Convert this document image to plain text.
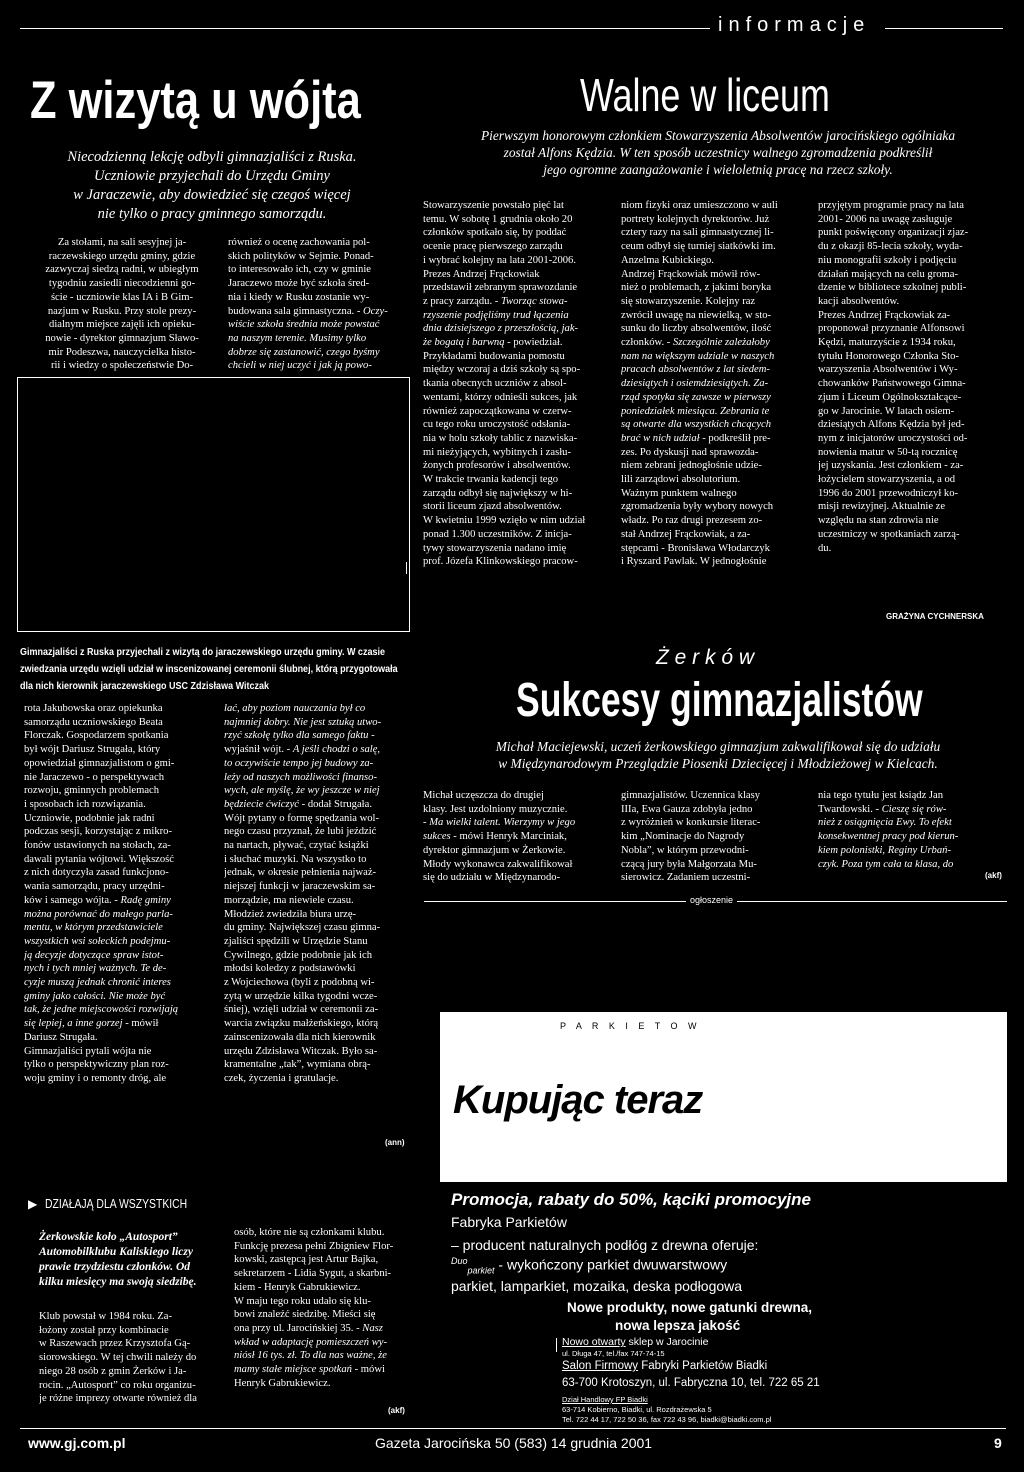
informacje
Z wizytą u wójta
Niecodzienną lekcję odbyli gimnazjaliści z Ruska.
Uczniowie przyjechali do Urzędu Gminy
w Jaraczewie, aby dowiedzieć się czegoś więcej
nie tylko o pracy gminnego samorządu.
Za stołami, na sali sesyjnej ja-
raczewskiego urzędu gminy, gdzie
zazwyczaj siedzą radni, w ubiegłym
tygodniu zasiedli niecodzienni go-
ście - uczniowie klas IA i B Gim-
nazjum w Rusku. Przy stole prezy-
dialnym miejsce zajęli ich opieku-
nowie - dyrektor gimnazjum Sławo-
mir Podeszwa, nauczycielka histo-
rii i wiedzy o społeczeństwie Do-
również o ocenę zachowania pol-
skich polityków w Sejmie. Ponad-
to interesowało ich, czy w gminie
Jaraczewo może być szkoła śred-
nia i kiedy w Rusku zostanie wy-
budowana sala gimnastyczna. - Oczy-
wiście szkoła średnia może powstać
na naszym terenie. Musimy tylko
dobrze się zastanowić, czego byśmy
chcieli w niej uczyć i jak ją powo-
Gimnazjaliści z Ruska przyjechali z wizytą do jaraczewskiego urzędu gminy. W czasie
zwiedzania urzędu wzięli udział w inscenizowanej ceremonii ślubnej, którą przygotowała
dla nich kierownik jaraczewskiego USC Zdzisława Witczak
rota Jakubowska oraz opiekunka
samorządu uczniowskiego Beata
Florczak. Gospodarzem spotkania
był wójt Dariusz Strugała, który
opowiedział gimnazjalistom o gmi-
nie Jaraczewo - o perspektywach
rozwoju, gminnych problemach
i sposobach ich rozwiązania.
Uczniowie, podobnie jak radni
podczas sesji, korzystając z mikro-
fonów ustawionych na stołach, za-
dawali pytania wójtowi. Większość
z nich dotyczyła zasad funkcjono-
wania samorządu, pracy urzędni-
ków i samego wójta. - Radę gminy
można porównać do małego parla-
mentu, w którym przedstawiciele
wszystkich wsi sołeckich podejmu-
ją decyzje dotyczące spraw istot-
nych i tych mniej ważnych. Te de-
cyzje muszą jednak chronić interes
gminy jako całości. Nie może być
tak, że jedne miejscowości rozwijają
się lepiej, a inne gorzej - mówił
Dariusz Strugała.
Gimnazjaliści pytali wójta nie
tylko o perspektywiczny plan roz-
woju gminy i o remonty dróg, ale
lać, aby poziom nauczania był co
najmniej dobry. Nie jest sztuką utwo-
rzyć szkołę tylko dla samego faktu -
wyjaśnił wójt. - A jeśli chodzi o salę,
to oczywiście tempo jej budowy za-
leży od naszych możliwości finanso-
wych, ale myślę, że wy jeszcze w niej
będziecie ćwiczyć - dodał Strugała.
Wójt pytany o formę spędzania wol-
nego czasu przyznał, że lubi jeździć
na nartach, pływać, czytać książki
i słuchać muzyki. Na wszystko to
jednak, w okresie pełnienia najważ-
niejszej funkcji w jaraczewskim sa-
morządzie, ma niewiele czasu.
Młodzież zwiedziła biura urzę-
du gminy. Największej czasu gimna-
zjaliści spędzili w Urzędzie Stanu
Cywilnego, gdzie podobnie jak ich
młodsi koledzy z podstawówki
z Wojciechowa (byli z podobną wi-
zytą w urzędzie kilka tygodni wcze-
śniej), wzięli udział w ceremonii za-
warcia związku małżeńskiego, którą
zainscenizowała dla nich kierownik
urzędu Zdzisława Witczak. Było sa-
kramentalne „tak”, wymiana obrą-
czek, życzenia i gratulacje.
(ann)
Walne w liceum
Pierwszym honorowym członkiem Stowarzyszenia Absolwentów jarocińskiego ogólniaka
został Alfons Kędzia. W ten sposób uczestnicy walnego zgromadzenia podkreślił
jego ogromne zaangażowanie i wieloletnią pracę na rzecz szkoły.
Stowarzyszenie powstało pięć lat
temu. W sobotę 1 grudnia około 20
członków spotkało się, by poddać
ocenie pracę pierwszego zarządu
i wybrać kolejny na lata 2001-2006.
Prezes Andrzej Frąckowiak
przedstawił zebranym sprawozdanie
z pracy zarządu. - Tworząc stowa-
rzyszenie podjęliśmy trud łączenia
dnia dzisiejszego z przeszłością, jak-
że bogatą i barwną - powiedział.
Przykładami budowania pomostu
między wczoraj a dziś szkoły są spo-
tkania obecnych uczniów z absol-
wentami, którzy odnieśli sukces, jak
również zapoczątkowana w czerw-
cu tego roku uroczystość odsłania-
nia w holu szkoły tablic z nazwiska-
mi nieżyjących, wybitnych i zasłu-
żonych profesorów i absolwentów.
W trakcie trwania kadencji tego
zarządu odbył się największy w hi-
storii liceum zjazd absolwentów.
W kwietniu 1999 wzięło w nim udział
ponad 1.300 uczestników. Z inicja-
tywy stowarzyszenia nadano imię
prof. Józefa Klinkowskiego pracow-
niom fizyki oraz umieszczono w auli
portrety kolejnych dyrektorów. Już
cztery razy na sali gimnastycznej li-
ceum odbył się turniej siatkówki im.
Anzelma Kubickiego.
Andrzej Frąckowiak mówił rów-
nież o problemach, z jakimi boryka
się stowarzyszenie. Kolejny raz
zwrócił uwagę na niewielką, w sto-
sunku do liczby absolwentów, ilość
członków. - Szczególnie zależałoby
nam na większym udziale w naszych
pracach absolwentów z lat siedem-
dziesiątych i osiemdziesiątych. Za-
rząd spotyka się zawsze w pierwszy
poniedziałek miesiąca. Zebrania te
są otwarte dla wszystkich chcących
brać w nich udział - podkreślił pre-
zes. Po dyskusji nad sprawozda-
niem zebrani jednogłośnie udzie-
lili zarządowi absolutorium.
Ważnym punktem walnego
zgromadzenia były wybory nowych
władz. Po raz drugi prezesem zo-
stał Andrzej Frąckowiak, a za-
stępcami - Bronisława Włodarczyk
i Ryszard Pawlak. W jednogłośnie
przyjętym programie pracy na lata
2001- 2006 na uwagę zasługuje
punkt poświęcony organizacji zjaz-
du z okazji 85-lecia szkoły, wyda-
niu monografii szkoły i podjęciu
działań mających na celu groma-
dzenie w bibliotece szkolnej publi-
kacji absolwentów.
Prezes Andrzej Frąckowiak za-
proponował przyznanie Alfonsowi
Kędzi, maturzyście z 1934 roku,
tytułu Honorowego Członka Sto-
warzyszenia Absolwentów i Wy-
chowanków Państwowego Gimna-
zjum i Liceum Ogólnokształcące-
go w Jarocinie. W latach osiem-
dziesiątych Alfons Kędzia był jed-
nym z inicjatorów uroczystości od-
nowienia matur w 50-tą rocznicę
jej uzyskania. Jest członkiem - za-
łożycielem stowarzyszenia, a od
1996 do 2001 przewodniczył ko-
misji rewizyjnej. Aktualnie ze
względu na stan zdrowia nie
uczestniczy w spotkaniach zarzą-
du.
GRAŻYNA CYCHNERSKA
Ż e r k ó w
Sukcesy gimnazjalistów
Michał Maciejewski, uczeń żerkowskiego gimnazjum zakwalifikował się do udziału
w Międzynarodowym Przeglądzie Piosenki Dziecięcej i Młodzieżowej w Kielcach.
Michał uczęszcza do drugiej
klasy. Jest uzdolniony muzycznie.
- Ma wielki talent. Wierzymy w jego
sukces - mówi Henryk Marciniak,
dyrektor gimnazjum w Żerkowie.
Młody wykonawca zakwalifikował
się do udziału w Międzynarodo-

gimnazjalistów. Uczennica klasy
IIIa, Ewa Gauza zdobyła jedno
z wyróżnień w konkursie literac-
kim „Nominacje do Nagrody
Nobla”, w którym przewodni-
czącą jury była Małgorzata Mu-
sierowicz. Zadaniem uczestni-

nia tego tytułu jest ksiądz Jan
Twardowski. - Cieszę się rów-
nież z osiągnięcia Ewy. To efekt
konsekwentnej pracy pod kierun-
kiem polonistki, Reginy Urbań-
czyk. Poza tym cała ta klasa, do

(akf)
ogłoszenie
P A R K I E T O W
Kupując teraz
Promocja, rabaty do 50%, kąciki promocyjne
Fabryka Parkietów
– producent naturalnych podłóg z drewna oferuje:
$^{Duo}_{parkiet}$ - wykończony parkiet dwuwarstwowy
parkiet, lamparkiet, mozaika, deska podłogowa
Nowe produkty, nowe gatunki drewna,
nowa lepsza jakość
Nowo otwarty sklep w Jarocinie
ul. Długa 47, tel./fax 747-74-15
Salon Firmowy Fabryki Parkietów Biadki
63-700 Krotoszyn, ul. Fabryczna 10, tel. 722 65 21
Dział Handlowy FP Biadki
63-714 Kobierno, Biadki, ul. Rozdrażewska 5
Tel. 722 44 17, 722 50 36, fax 722 43 96, biadki@biadki.com.pl
▶ DZIAŁAJĄ DLA WSZYSTKICH
Żerkowskie koło „Autosport”
Automobilklubu Kaliskiego liczy
prawie trzydziestu członków. Od
kilku miesięcy ma swoją siedzibę.
Klub powstał w 1984 roku. Za-
łożony został przy kombinacie
w Raszewach przez Krzysztofa Gą-
siorowskiego. W tej chwili należy do
niego 28 osób z gmin Żerków i Ja-
rocin. „Autosport” co roku organizu-
je różne imprezy otwarte również dla
osób, które nie są członkami klubu.
Funkcję prezesa pełni Zbigniew Flor-
kowski, zastępcą jest Artur Bajka,
sekretarzem - Lidia Sygut, a skarbni-
kiem - Henryk Gabrukiewicz.
W maju tego roku udało się klu-
bowi znaleźć siedzibę. Mieści się
ona przy ul. Jarocińskiej 35. - Nasz
wkład w adaptację pomieszczeń wy-
niósł 16 tys. zł. To dla nas ważne, że
mamy stałe miejsce spotkań - mówi
Henryk Gabrukiewicz.
(akf)
www.gj.com.pl	Gazeta Jarocińska 50 (583) 14 grudnia 2001	9
